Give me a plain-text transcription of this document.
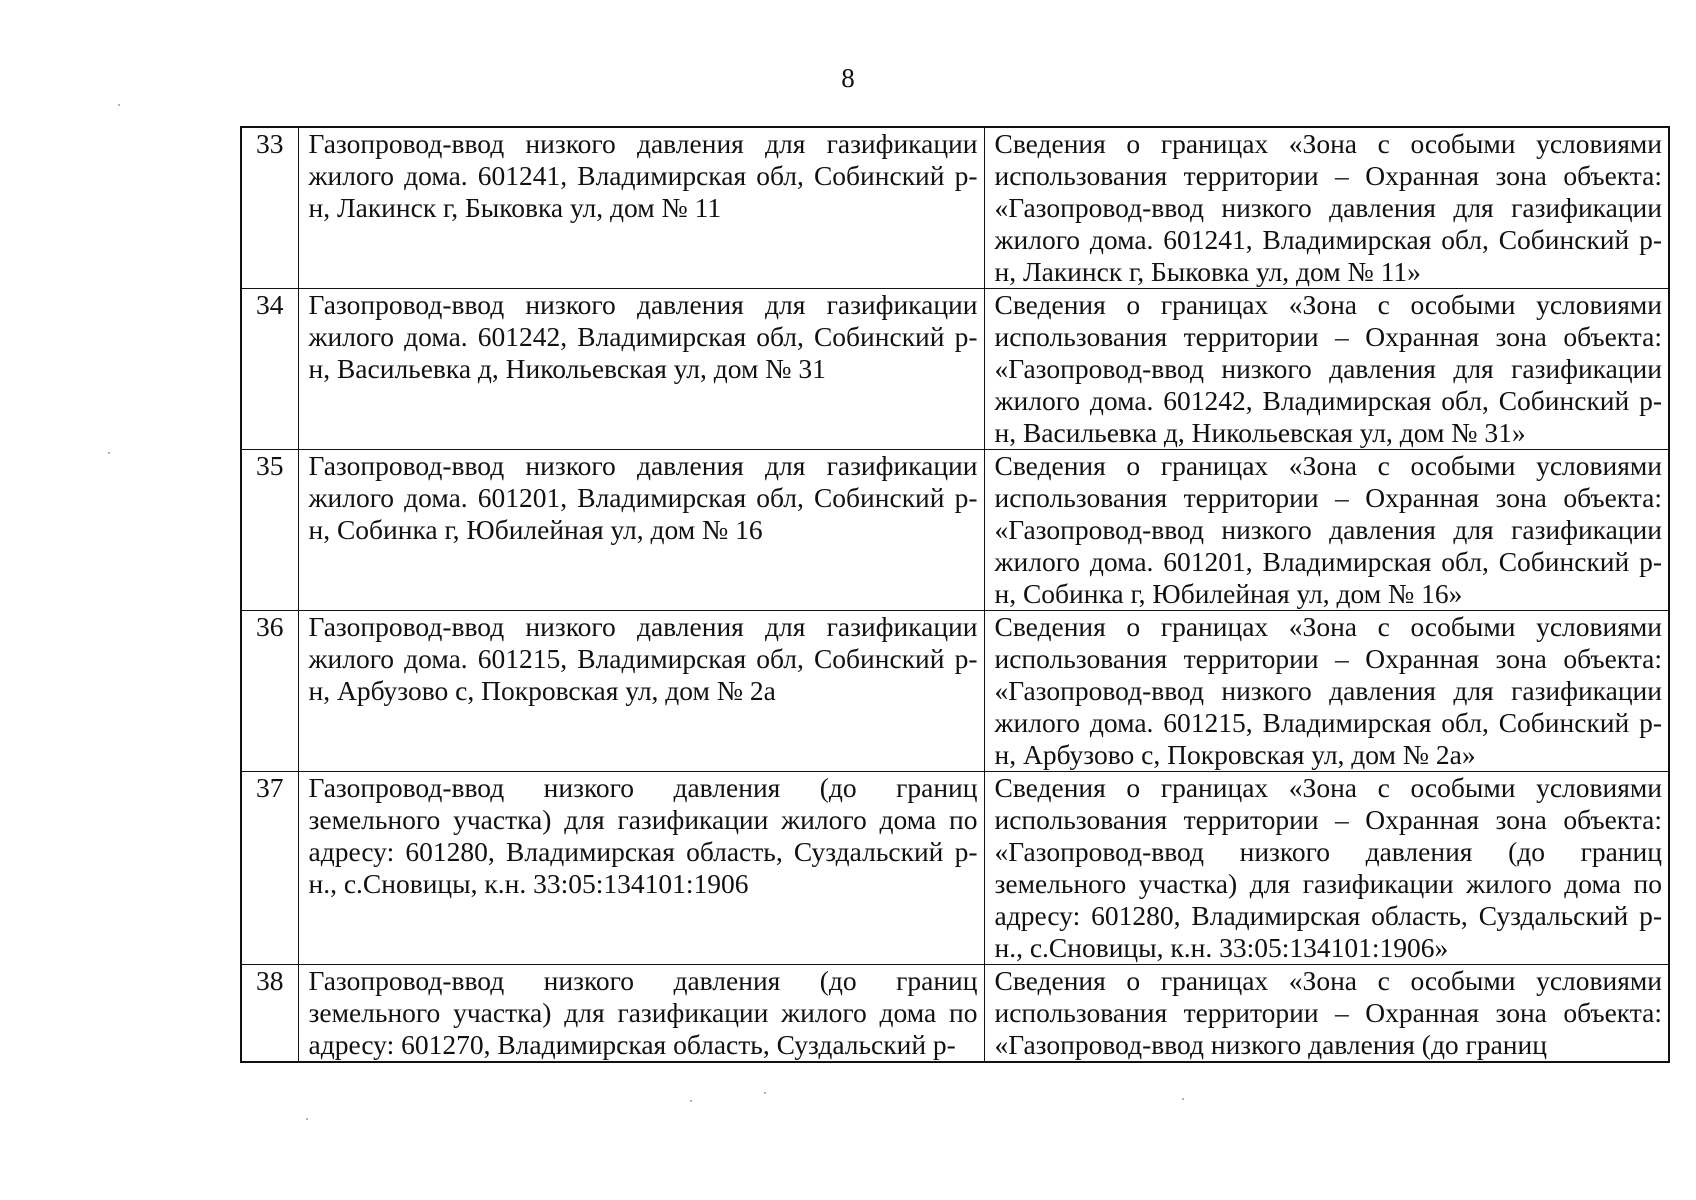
8
33	Газопровод-ввод низкого давления для газификации жилого дома. 601241, Владимирская обл, Собинский р-н, Лакинск г, Быковка ул, дом № 11	Сведения о границах «Зона с особыми условиями использования территории – Охранная зона объекта: «Газопровод-ввод низкого давления для газификации жилого дома. 601241, Владимирская обл, Собинский р-н, Лакинск г, Быковка ул, дом № 11»
34	Газопровод-ввод низкого давления для газификации жилого дома. 601242, Владимирская обл, Собинский р-н, Васильевка д, Никольевская ул, дом № 31	Сведения о границах «Зона с особыми условиями использования территории – Охранная зона объекта: «Газопровод-ввод низкого давления для газификации жилого дома. 601242, Владимирская обл, Собинский р-н, Васильевка д, Никольевская ул, дом № 31»
35	Газопровод-ввод низкого давления для газификации жилого дома. 601201, Владимирская обл, Собинский р-н, Собинка г, Юбилейная ул, дом № 16	Сведения о границах «Зона с особыми условиями использования территории – Охранная зона объекта: «Газопровод-ввод низкого давления для газификации жилого дома. 601201, Владимирская обл, Собинский р-н, Собинка г, Юбилейная ул, дом № 16»
36	Газопровод-ввод низкого давления для газификации жилого дома. 601215, Владимирская обл, Собинский р-н, Арбузово с, Покровская ул, дом № 2а	Сведения о границах «Зона с особыми условиями использования территории – Охранная зона объекта: «Газопровод-ввод низкого давления для газификации жилого дома. 601215, Владимирская обл, Собинский р-н, Арбузово с, Покровская ул, дом № 2а»
37	Газопровод-ввод низкого давления (до границ земельного участка) для газификации жилого дома по адресу: 601280, Владимирская область, Суздальский р-н., с.Сновицы, к.н. 33:05:134101:1906	Сведения о границах «Зона с особыми условиями использования территории – Охранная зона объекта: «Газопровод-ввод низкого давления (до границ земельного участка) для газификации жилого дома по адресу: 601280, Владимирская область, Суздальский р-н., с.Сновицы, к.н. 33:05:134101:1906»
38	Газопровод-ввод низкого давления (до границ земельного участка) для газификации жилого дома по адресу: 601270, Владимирская область, Суздальский р-	Сведения о границах «Зона с особыми условиями использования территории – Охранная зона объекта: «Газопровод-ввод низкого давления (до границ
